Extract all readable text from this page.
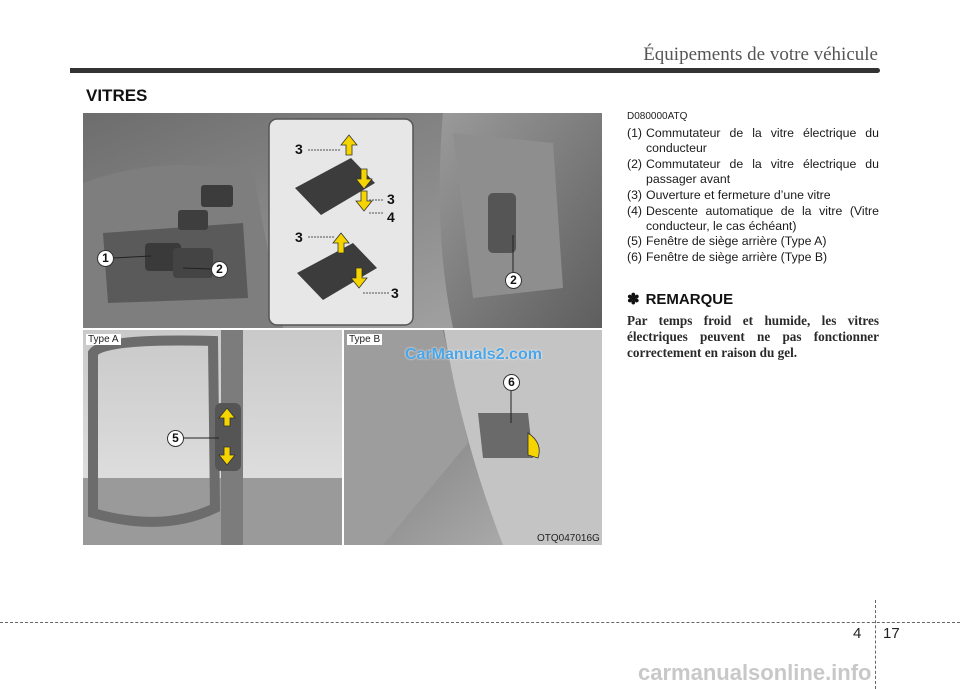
Équipements de votre véhicule
VITRES
Type A	Type B
OTQ047016G
1
2
2
3
3
4
3
3
5
6
CarManuals2.com
D080000ATQ
(1) Commutateur de la vitre électrique du conducteur
(2) Commutateur de la vitre électrique du passager avant
(3) Ouverture et fermeture d’une vitre
(4) Descente automatique de la vitre (Vitre conducteur, le cas échéant)
(5) Fenêtre de siège arrière (Type A)
(6) Fenêtre de siège arrière (Type B)
✽ REMARQUE
Par temps froid et humide, les vitres électriques peuvent ne pas fonctionner correctement en raison du gel.
4 17
carmanualsonline.info
